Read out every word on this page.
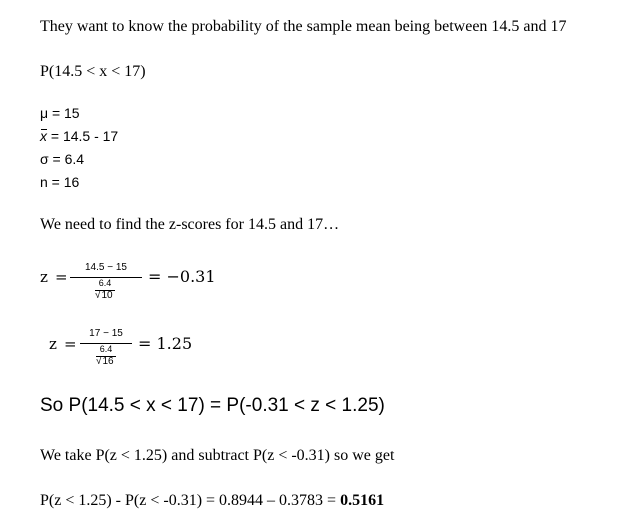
They want to know the probability of the sample mean being between 14.5 and 17
P(14.5 < x < 17)
μ = 15
x = 14.5 - 17
σ = 6.4
n = 16
We need to find the z-scores for 14.5 and 17…
z =
14.5 − 15
6.4
√10
= −0.31
z =
17 − 15
6.4
√16
= 1.25
So P(14.5 < x < 17) = P(-0.31 < z < 1.25)
We take P(z < 1.25) and subtract P(z < -0.31) so we get
P(z < 1.25) - P(z < -0.31) = 0.8944 – 0.3783 = 0.5161
